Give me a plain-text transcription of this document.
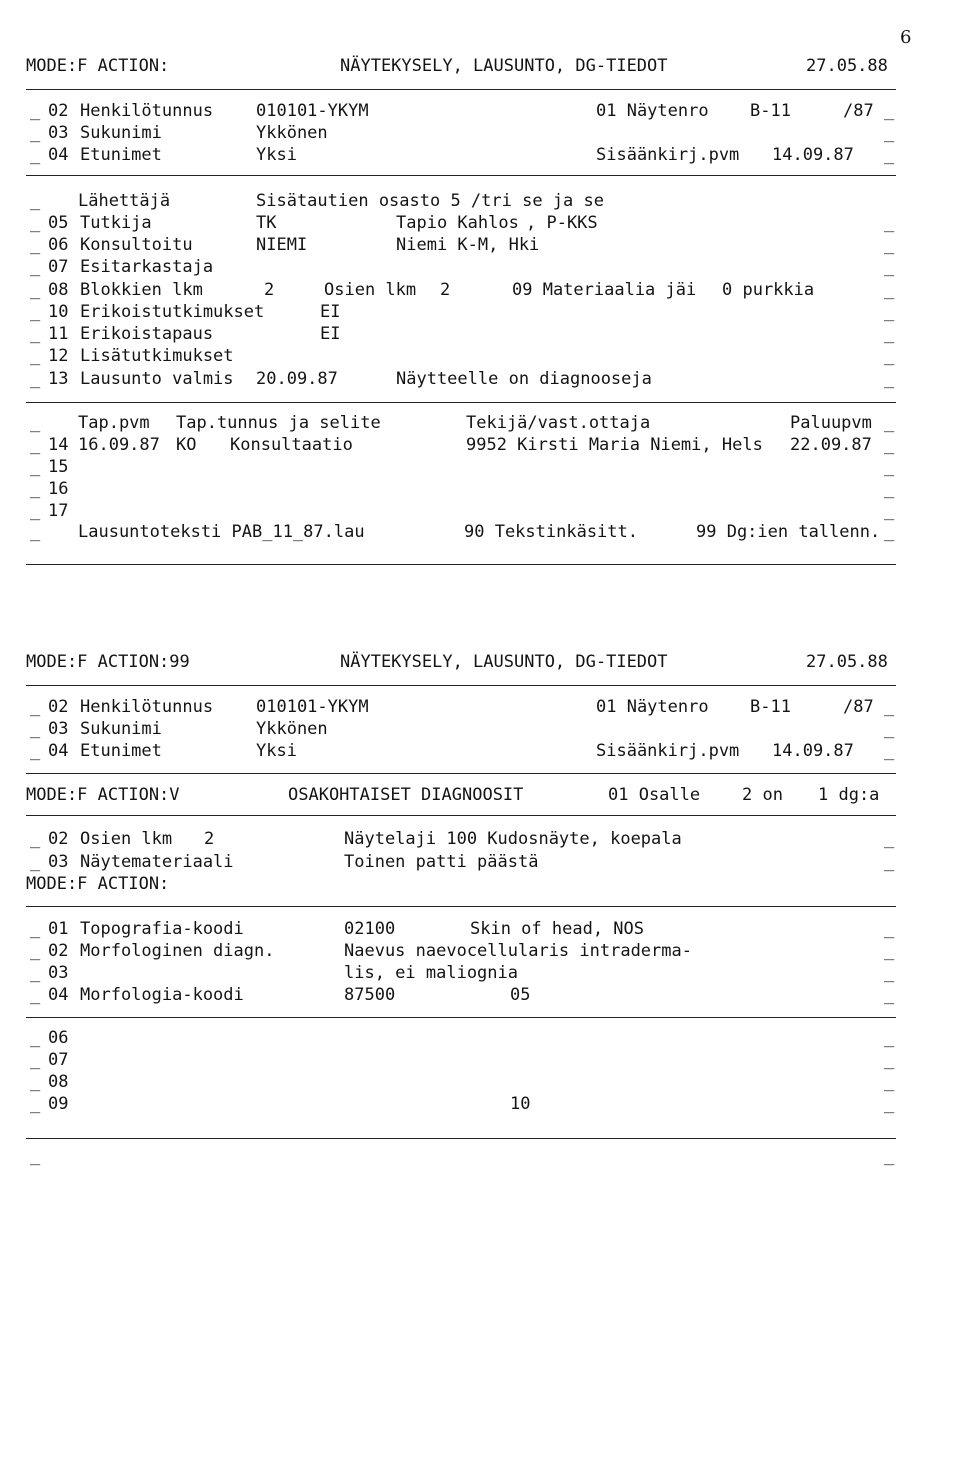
6
MODE:F ACTION:	NÄYTEKYSELY, LAUSUNTO, DG-TIEDOT	27.05.88
_ 02 Henkilötunnus	010101-YKYM	01 Näytenro B-11	/87 _
_ 03 Sukunimi	Ykkönen	_
_ 04 Etunimet	Yksi	Sisäänkirj.pvm 14.09.87 _
_ Lähettäjä	Sisätautien osasto 5 /tri se ja se
_ 05 Tutkija	TK	Tapio Kahlos , P-KKS	_
_ 06 Konsultoitu	NIEMI	Niemi K-M, Hki	_
_ 07 Esitarkastaja	_
_ 08 Blokkien lkm	2	Osien lkm 2	09 Materiaalia jäi 0 purkkia	_
_ 10 Erikoistutkimukset	EI	_
_ 11 Erikoistapaus	EI	_
_ 12 Lisätutkimukset	_
_ 13 Lausunto valmis 20.09.87	Näytteelle on diagnooseja	_
_ Tap.pvm Tap.tunnus ja selite	Tekijä/vast.ottaja	Paluupvm _
_ 14 16.09.87 KO Konsultaatio	9952 Kirsti Maria Niemi, Hels 22.09.87 _
_ 15	_
_ 16	_
_ 17	_
_ Lausuntoteksti PAB_11_87.lau	90 Tekstinkäsitt.	99 Dg:ien tallenn. _
MODE:F ACTION:99	NÄYTEKYSELY, LAUSUNTO, DG-TIEDOT	27.05.88
_ 02 Henkilötunnus	010101-YKYM	01 Näytenro B-11	/87 _
_ 03 Sukunimi	Ykkönen	_
_ 04 Etunimet	Yksi	Sisäänkirj.pvm 14.09.87 _
MODE:F ACTION:V	OSAKOHTAISET DIAGNOOSIT	01 Osalle 2 on 1 dg:a
_ 02 Osien lkm 2	Näytelaji 100 Kudosnäyte, koepala	_
_ 03 Näytemateriaali	Toinen patti päästä	_
MODE:F ACTION:
_ 01 Topografia-koodi	02100	Skin of head, NOS	_
_ 02 Morfologinen diagn.	Naevus naevocellularis intraderma-	_
_ 03	lis, ei maliognia	_
_ 04 Morfologia-koodi	87500	05	_
_ 06	_
_ 07	_
_ 08	_
_ 09	10	_
_	_
